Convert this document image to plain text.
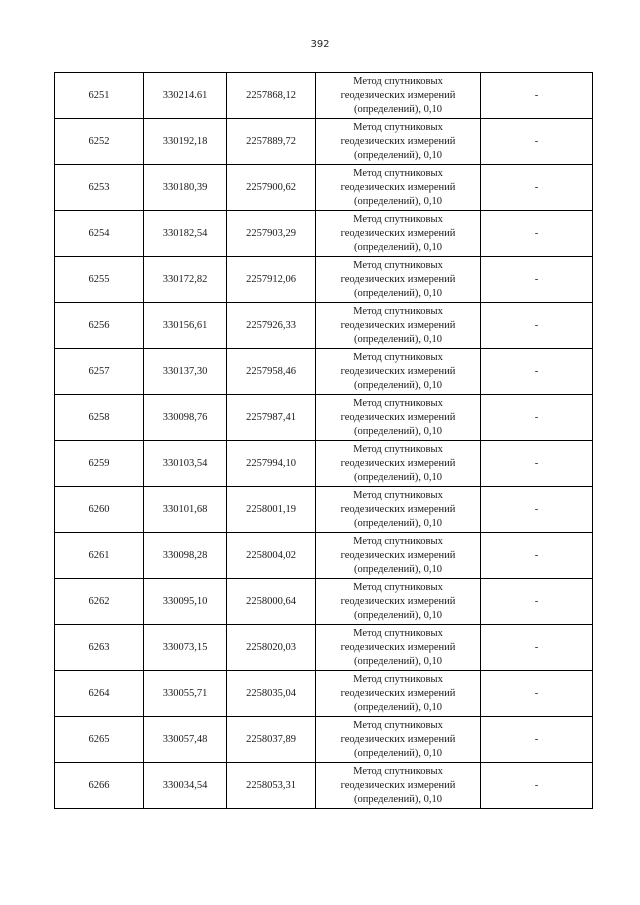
392
6251	330214.61	2257868,12	Метод спутниковых
геодезических измерений
(определений), 0,10	-
6252	330192,18	2257889,72	Метод спутниковых
геодезических измерений
(определений), 0,10	-
6253	330180,39	2257900,62	Метод спутниковых
геодезических измерений
(определений), 0,10	-
6254	330182,54	2257903,29	Метод спутниковых
геодезических измерений
(определений), 0,10	-
6255	330172,82	2257912,06	Метод спутниковых
геодезических измерений
(определений), 0,10	-
6256	330156,61	2257926,33	Метод спутниковых
геодезических измерений
(определений), 0,10	-
6257	330137,30	2257958,46	Метод спутниковых
геодезических измерений
(определений), 0,10	-
6258	330098,76	2257987,41	Метод спутниковых
геодезических измерений
(определений), 0,10	-
6259	330103,54	2257994,10	Метод спутниковых
геодезических измерений
(определений), 0,10	-
6260	330101,68	2258001,19	Метод спутниковых
геодезических измерений
(определений), 0,10	-
6261	330098,28	2258004,02	Метод спутниковых
геодезических измерений
(определений), 0,10	-
6262	330095,10	2258000,64	Метод спутниковых
геодезических измерений
(определений), 0,10	-
6263	330073,15	2258020,03	Метод спутниковых
геодезических измерений
(определений), 0,10	-
6264	330055,71	2258035,04	Метод спутниковых
геодезических измерений
(определений), 0,10	-
6265	330057,48	2258037,89	Метод спутниковых
геодезических измерений
(определений), 0,10	-
6266	330034,54	2258053,31	Метод спутниковых
геодезических измерений
(определений), 0,10	-
